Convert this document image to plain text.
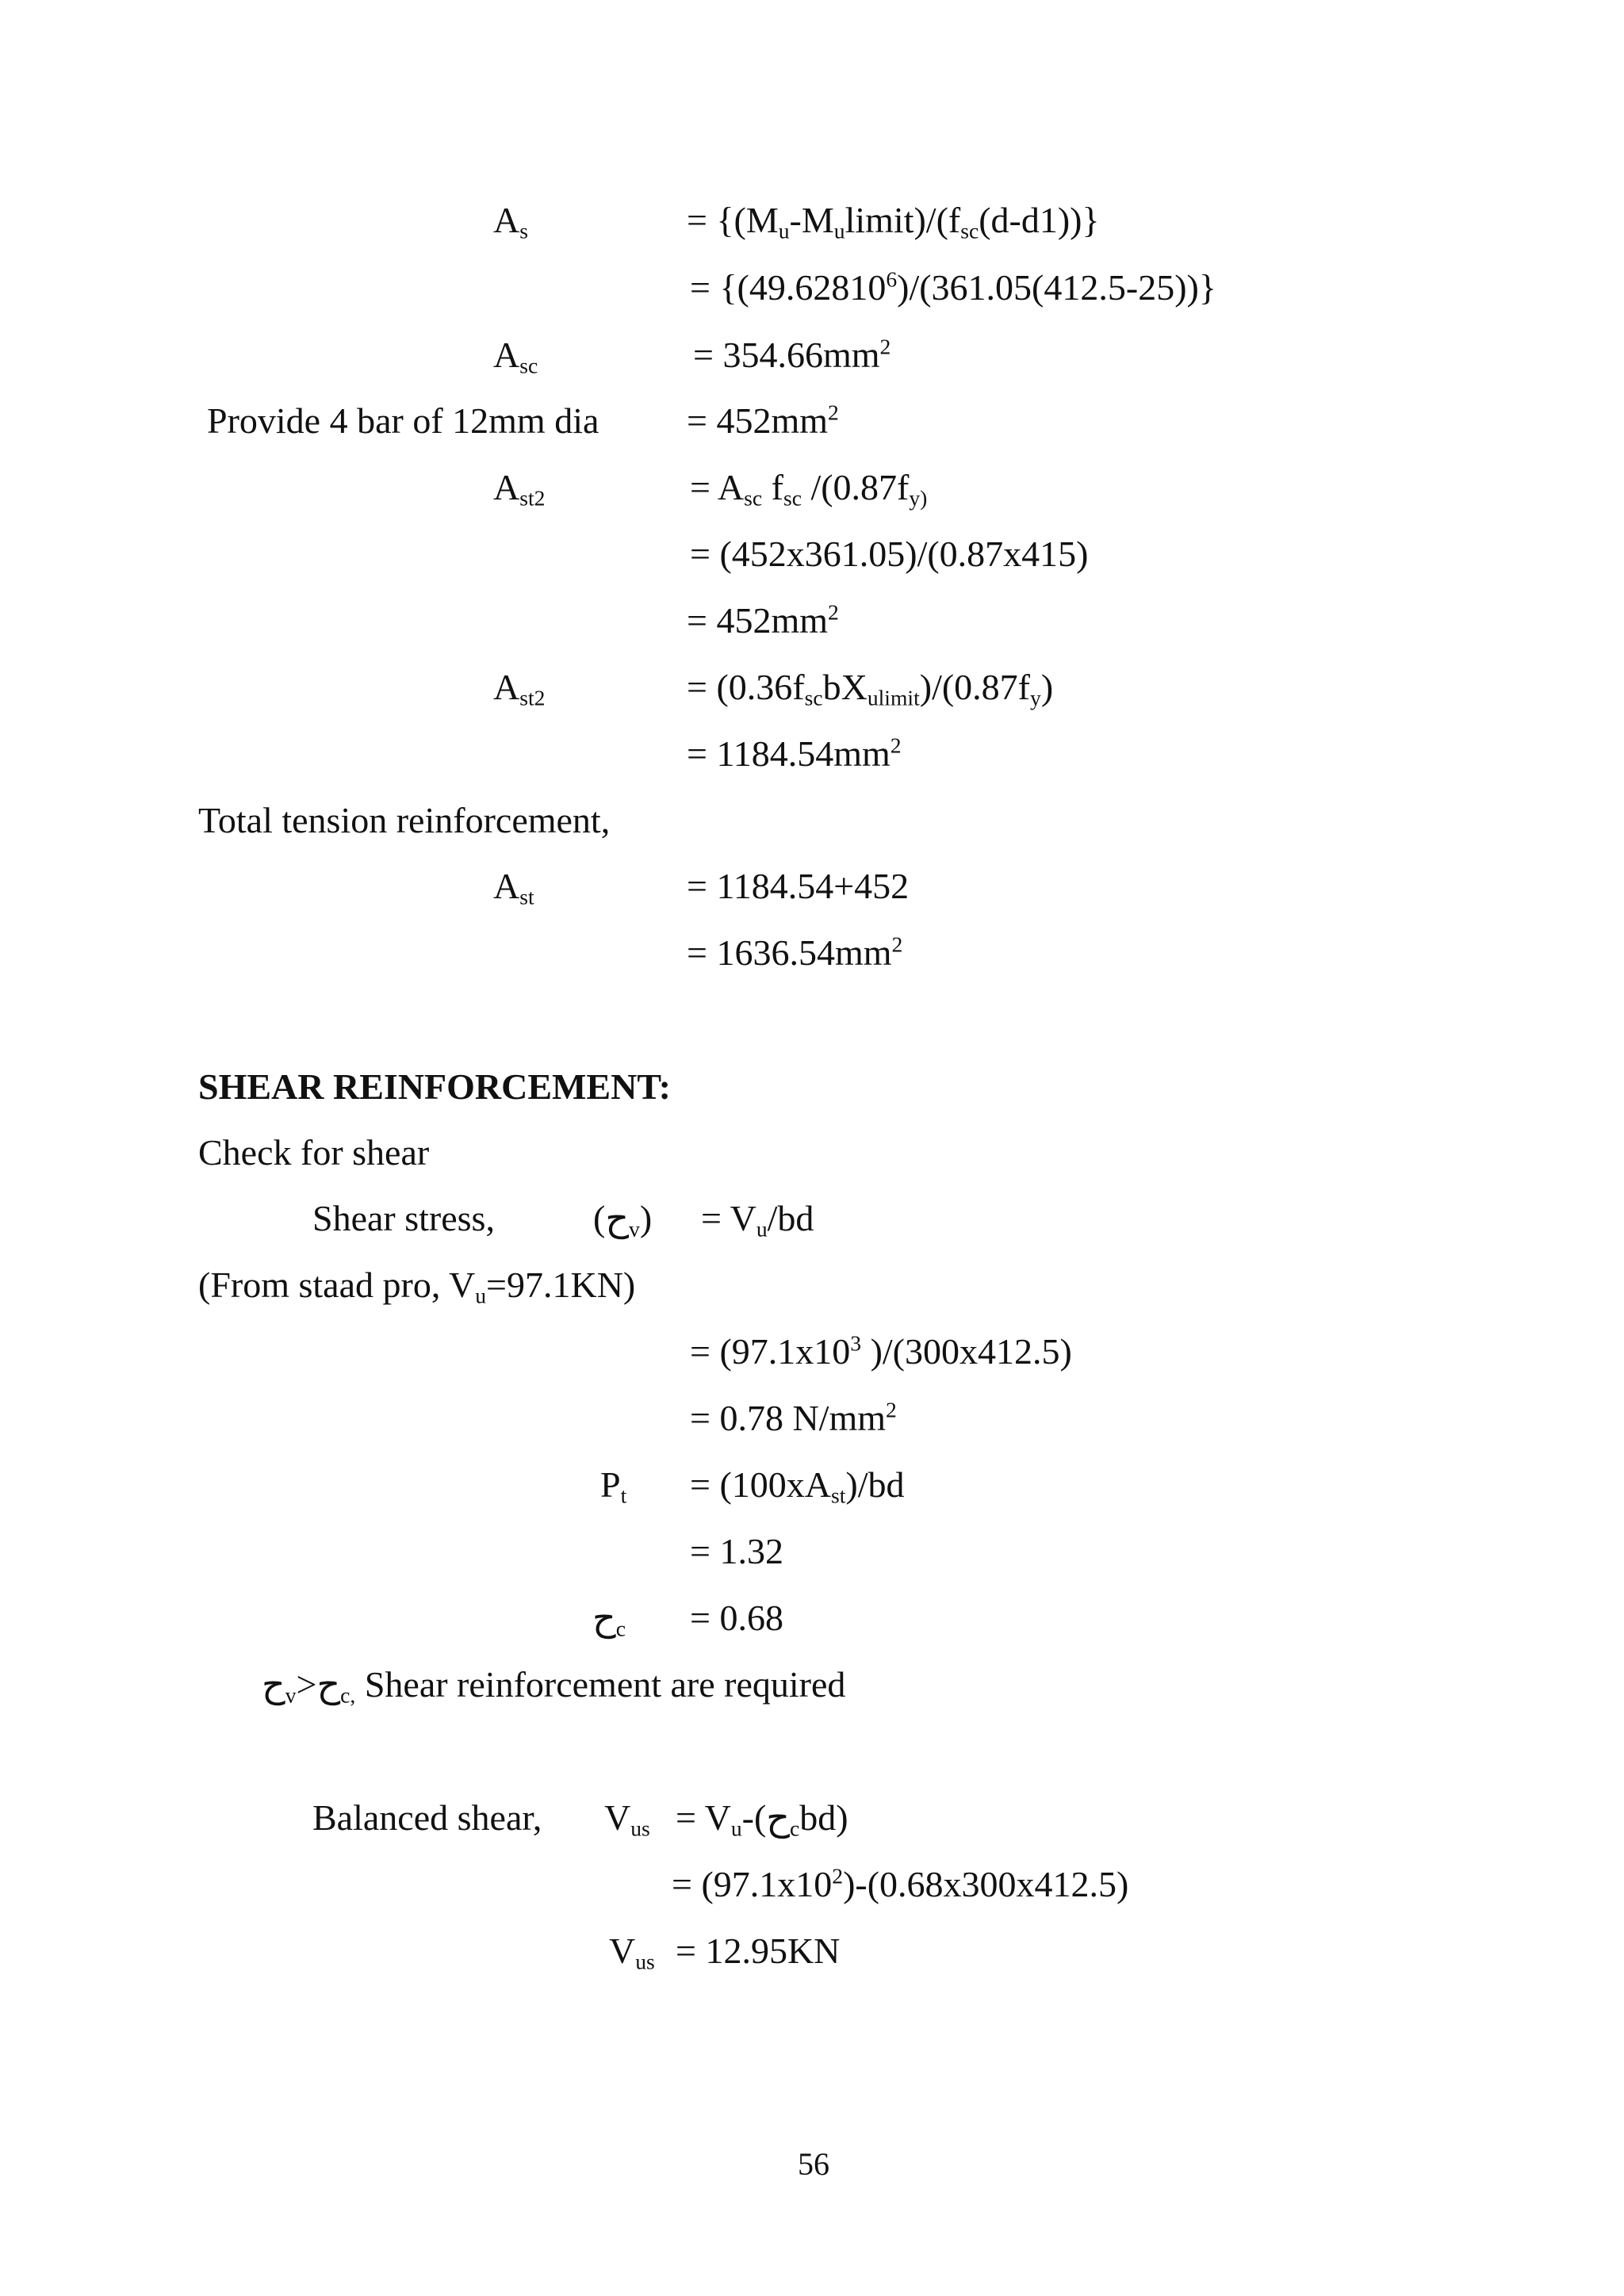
$A_s$	= $\{(M_u-M_ulimit)/(f_{sc}(d-d1))\}$
= $\{(49.62810^6)/(361.05(412.5-25))\}$
$A_{sc}$	= $354.66mm^2$
Provide 4 bar of 12mm dia = $452mm^2$
$A_{st2}$	= $A_{sc}$ $f_{sc}$ $/(0.87f_{y)}$
= (452x361.05)/(0.87x415)
= $452mm^2$
$A_{st2}$	= $(0.36f_{sc}bX_{ulimit})/(0.87f_y)$
= $1184.54mm^2$
Total tension reinforcement,
$A_{st}$	= 1184.54+452
= $1636.54mm^2$
SHEAR REINFORCEMENT:
Check for shear
Shear stress,	(ح$_v$) = $V_u/bd$
(From staad pro, $V_u=97.1KN$)
= ($97.1x10^3$ )/(300x412.5)
= 0.78 $N/mm^2$
$P_t = (100xA_{st})/bd$
= 1.32
ح$_c$ = 0.68
ح$_v$>ح$_{c,}$ Shear reinforcement are required
Balanced shear, $V_{us}$ = $V_u-(ح_cbd)$
= $(97.1x10^2)-(0.68x300x412.5)$
$V_{us} = 12.95KN$
56
